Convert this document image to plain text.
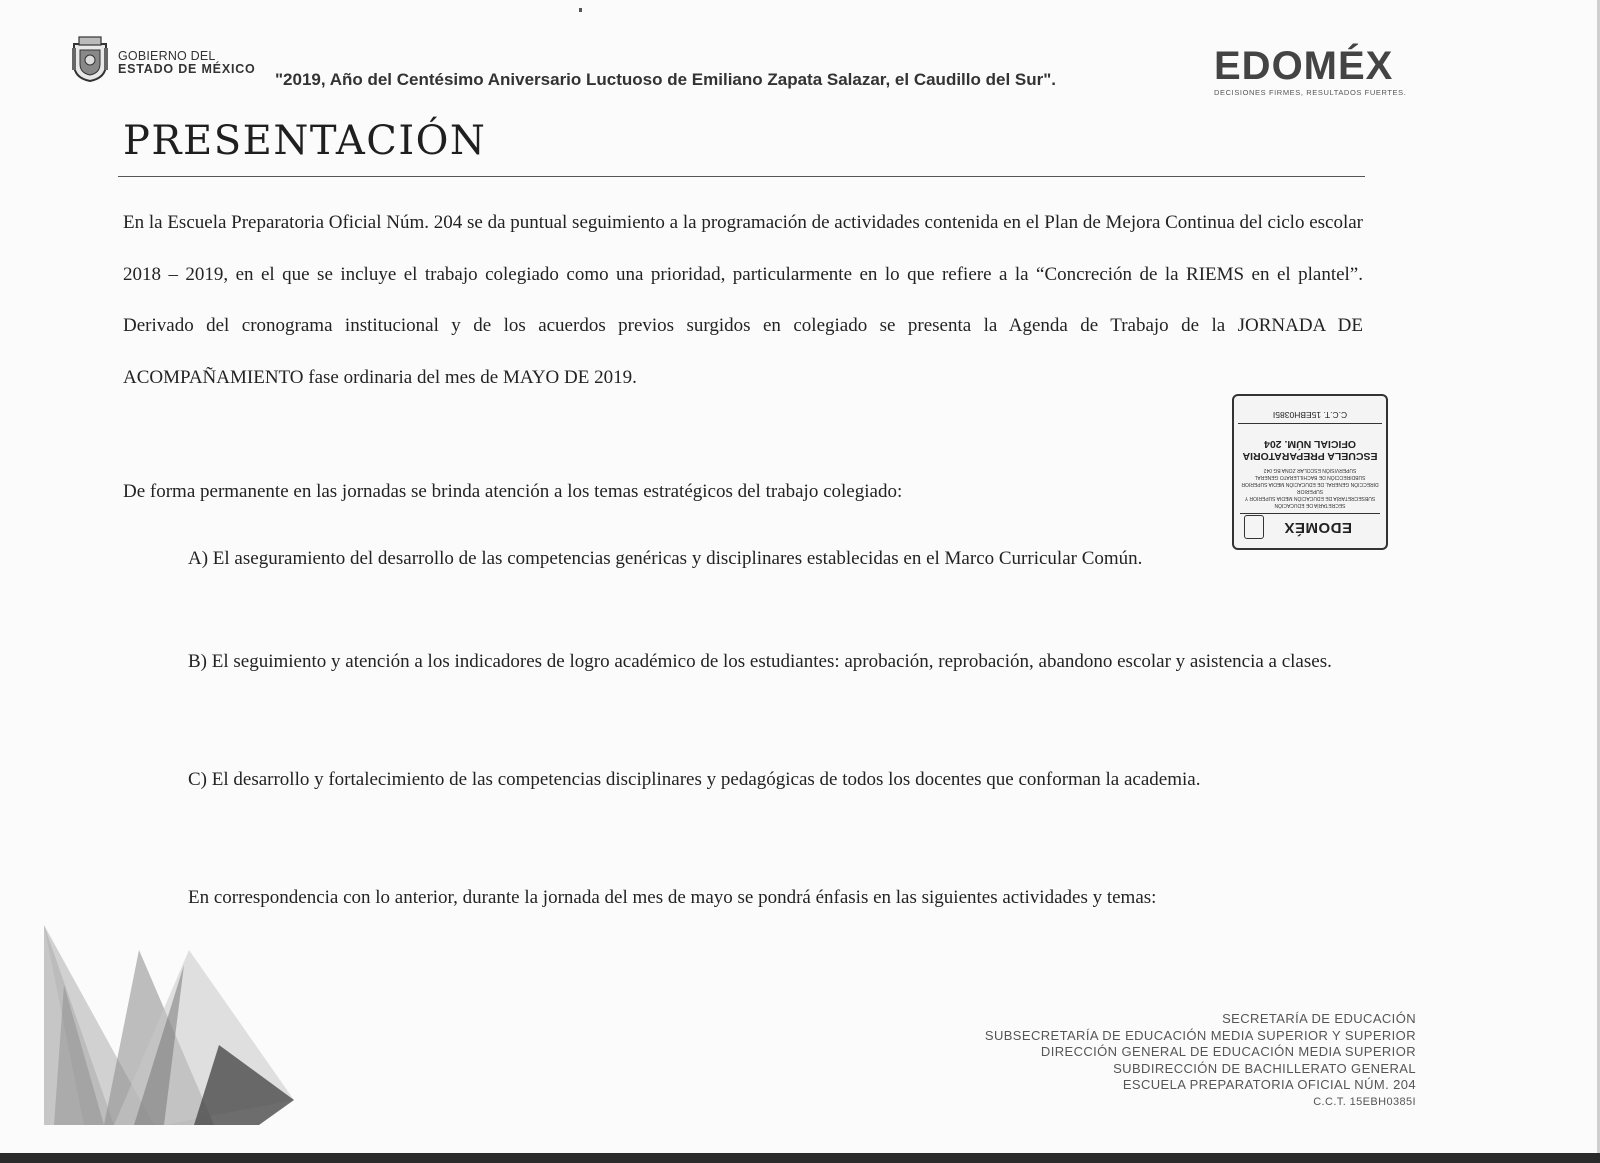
GOBIERNO DEL
ESTADO DE MÉXICO
"2019, Año del Centésimo Aniversario Luctuoso de Emiliano Zapata Salazar, el Caudillo del Sur".	EDOMÉX
DECISIONES FIRMES, RESULTADOS FUERTES.
PRESENTACIÓN

En la Escuela Preparatoria Oficial Núm. 204 se da puntual seguimiento a la programación de actividades contenida en el Plan de Mejora Continua del ciclo escolar 2018 – 2019, en el que se incluye el trabajo colegiado como una prioridad, particularmente en lo que refiere a la “Concreción de la RIEMS en el plantel”. Derivado del cronograma institucional y de los acuerdos previos surgidos en colegiado se presenta la Agenda de Trabajo de la JORNADA DE ACOMPAÑAMIENTO fase ordinaria del mes de MAYO DE 2019.

De forma permanente en las jornadas se brinda atención a los temas estratégicos del trabajo colegiado:

A) El aseguramiento del desarrollo de las competencias genéricas y disciplinares establecidas en el Marco Curricular Común.

B) El seguimiento y atención a los indicadores de logro académico de los estudiantes: aprobación, reprobación, abandono escolar y asistencia a clases.

C) El desarrollo y fortalecimiento de las competencias disciplinares y pedagógicas de todos los docentes que conforman la academia.

En correspondencia con lo anterior, durante la jornada del mes de mayo se pondrá énfasis en las siguientes actividades y temas:

EDOMÉX
SECRETARÍA DE EDUCACIÓN
SUBSECRETARÍA DE EDUCACIÓN MEDIA SUPERIOR Y SUPERIOR
DIRECCIÓN GENERAL DE EDUCACIÓN MEDIA SUPERIOR
SUBDIRECCIÓN DE BACHILLERATO GENERAL
SUPERVISIÓN ESCOLAR ZONA BG 042
ESCUELA PREPARATORIA
OFICIAL NÚM. 204
C.C.T. 15EBH0385I
SECRETARÍA DE EDUCACIÓN
SUBSECRETARÍA DE EDUCACIÓN MEDIA SUPERIOR Y SUPERIOR
DIRECCIÓN GENERAL DE EDUCACIÓN MEDIA SUPERIOR
SUBDIRECCIÓN DE BACHILLERATO GENERAL
ESCUELA PREPARATORIA OFICIAL NÚM. 204
C.C.T. 15EBH0385I
